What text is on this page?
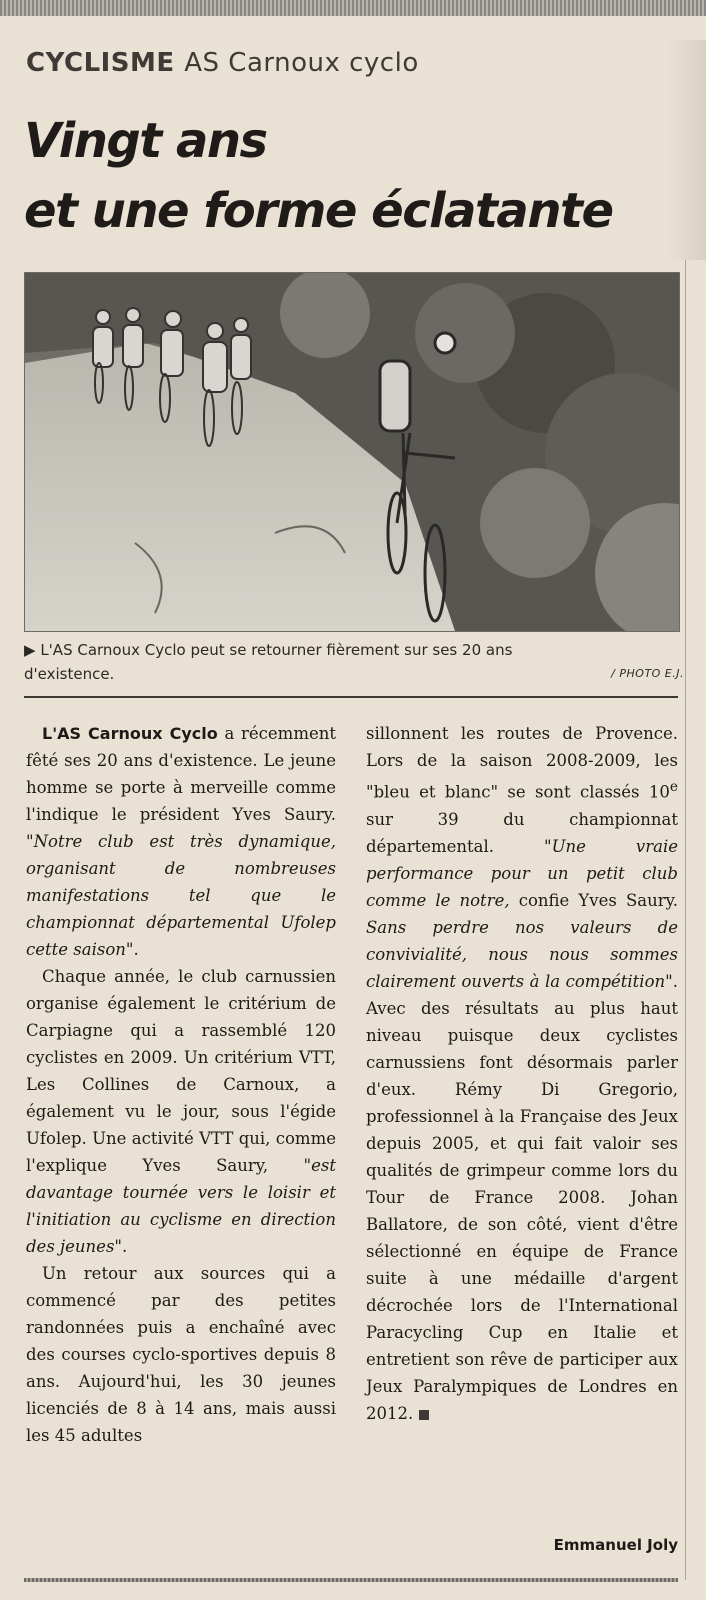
CYCLISME AS Carnoux cyclo
Vingt ans
et une forme éclatante
▶ L'AS Carnoux Cyclo peut se retourner fièrement sur ses 20 ans
d'existence.	/ PHOTO E.J.

L'AS Carnoux Cyclo a récemment fêté ses 20 ans d'existence. Le jeune homme se porte à merveille comme l'indique le président Yves Saury. "Notre club est très dynamique, organisant de nombreuses manifestations tel que le championnat départemental Ufolep cette saison".

Chaque année, le club carnussien organise également le critérium de Carpiagne qui a rassemblé 120 cyclistes en 2009. Un critérium VTT, Les Collines de Carnoux, a également vu le jour, sous l'égide Ufolep. Une activité VTT qui, comme l'explique Yves Saury, "est davantage tournée vers le loisir et l'initiation au cyclisme en direction des jeunes".

Un retour aux sources qui a commencé par des petites randonnées puis a enchaîné avec des courses cyclo-sportives depuis 8 ans. Aujourd'hui, les 30 jeunes licenciés de 8 à 14 ans, mais aussi les 45 adultes

sillonnent les routes de Provence. Lors de la saison 2008-2009, les "bleu et blanc" se sont classés 10e sur 39 du championnat départemental. "Une vraie performance pour un petit club comme le notre, confie Yves Saury. Sans perdre nos valeurs de convivialité, nous nous sommes clairement ouverts à la compétition". Avec des résultats au plus haut niveau puisque deux cyclistes carnussiens font désormais parler d'eux. Rémy Di Gregorio, professionnel à la Française des Jeux depuis 2005, et qui fait valoir ses qualités de grimpeur comme lors du Tour de France 2008. Johan Ballatore, de son côté, vient d'être sélectionné en équipe de France suite à une médaille d'argent décrochée lors de l'International Paracycling Cup en Italie et entretient son rêve de participer aux Jeux Paralympiques de Londres en 2012.

Emmanuel Joly
